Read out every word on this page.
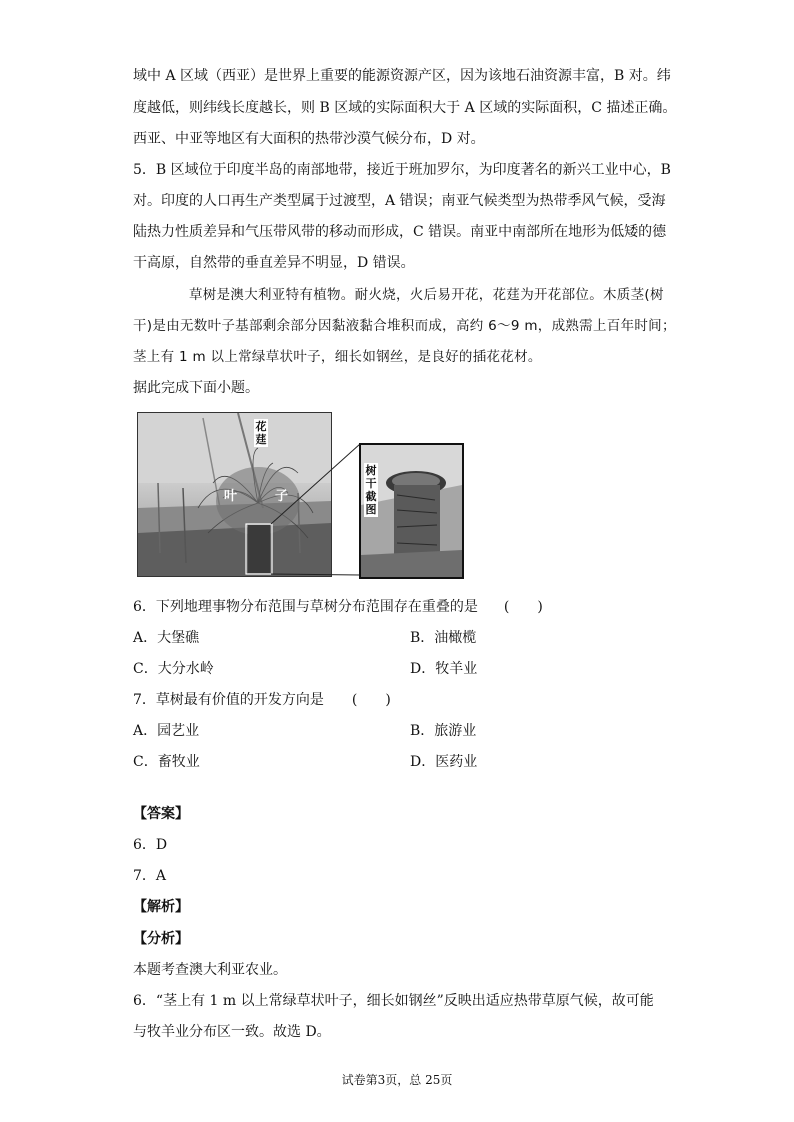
域中 A 区域（西亚）是世界上重要的能源资源产区，因为该地石油资源丰富，B 对。纬
度越低，则纬线长度越长，则 B 区域的实际面积大于 A 区域的实际面积，C 描述正确。
西亚、中亚等地区有大面积的热带沙漠气候分布，D 对。
5．B 区域位于印度半岛的南部地带，接近于班加罗尔，为印度著名的新兴工业中心，B
对。印度的人口再生产类型属于过渡型，A 错误；南亚气候类型为热带季风气候，受海
陆热力性质差异和气压带风带的移动而形成，C 错误。南亚中南部所在地形为低矮的德
干高原，自然带的垂直差异不明显，D 错误。
草树是澳大利亚特有植物。耐火烧，火后易开花，花莛为开花部位。木质茎(树
干)是由无数叶子基部剩余部分因黏液黏合堆积而成，高约 6～9 m，成熟需上百年时间；
茎上有 1 m 以上常绿草状叶子，细长如钢丝，是良好的插花花材。
据此完成下面小题。
花莛
叶	子
树干截图
6．下列地理事物分布范围与草树分布范围存在重叠的是 (　　)
A．大堡礁	B．油橄榄
C．大分水岭	D．牧羊业
7．草树最有价值的开发方向是 (　　)
A．园艺业	B．旅游业
C．畜牧业	D．医药业
【答案】
6．D
7．A
【解析】
【分析】
本题考查澳大利亚农业。
6．“茎上有 1 m 以上常绿草状叶子，细长如钢丝”反映出适应热带草原气候，故可能
与牧羊业分布区一致。故选 D。
试卷第3页，总 25页
